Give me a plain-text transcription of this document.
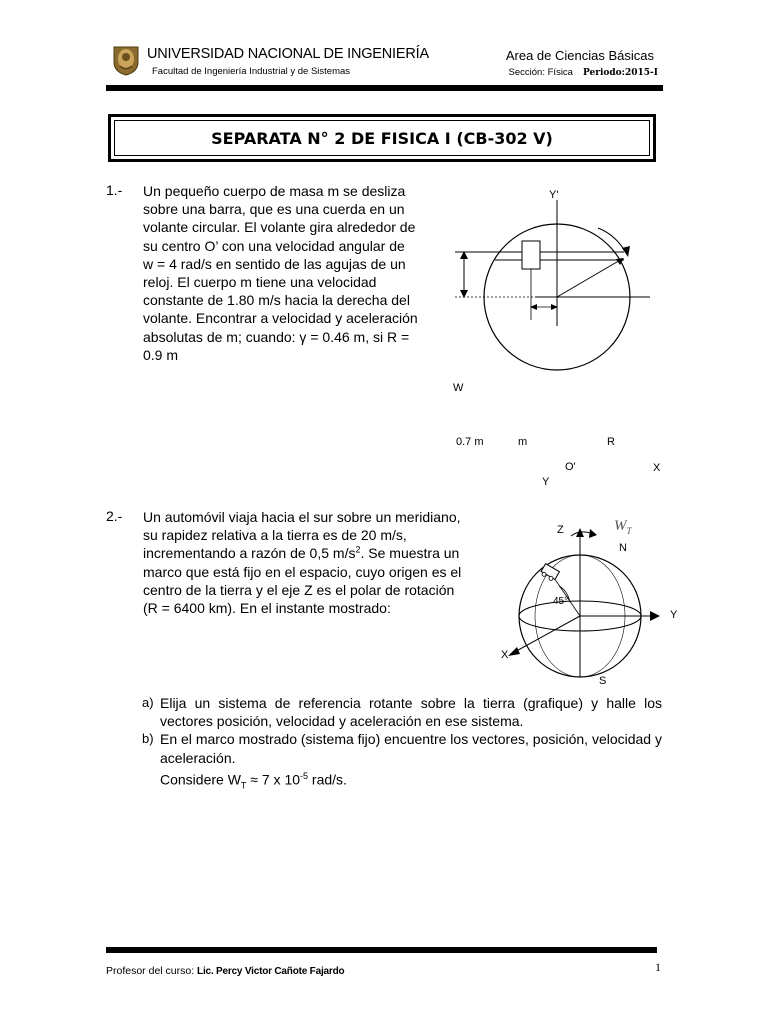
UNIVERSIDAD NACIONAL DE INGENIERÍA
Facultad de Ingeniería Industrial y de Sistemas
Area de Ciencias Básicas
Sección: Física Periodo:2015-I
SEPARATA N° 2 DE FISICA I (CB-302 V)
1.- Un pequeño cuerpo de masa m se desliza
sobre una barra, que es una cuerda en un
volante circular. El volante gira alrededor de
su centro O’ con una velocidad angular de
w = 4 rad/s en sentido de las agujas de un
reloj. El cuerpo m tiene una velocidad
constante de 1.80 m/s hacia la derecha del
volante. Encontrar a velocidad y aceleración
absolutas de m; cuando: γ = 0.46 m, si R =
0.9 m
Y'
W
0.7 m	m	R
O'	X
Y
2.- Un automóvil viaja hacia el sur sobre un meridiano,
su rapidez relativa a la tierra es de 20 m/s,
incrementando a razón de 0,5 $m/s^2$. Se muestra un
marco que está fijo en el espacio, cuyo origen es el
centro de la tierra y el eje Z es el polar de rotación
(R = 6400 km). En el instante mostrado:
Z	$W_T$
N
45°
Y
X
S
a) Elija un sistema de referencia rotante sobre la tierra (grafique) y halle los vectores posición, velocidad y aceleración en ese sistema.
b) En el marco mostrado (sistema fijo) encuentre los vectores, posición, velocidad y aceleración.
Considere $W_T \approx 7$ x $10^{-5}$ rad/s.
Profesor del curso: Lic. Percy Victor Cañote Fajardo	1
